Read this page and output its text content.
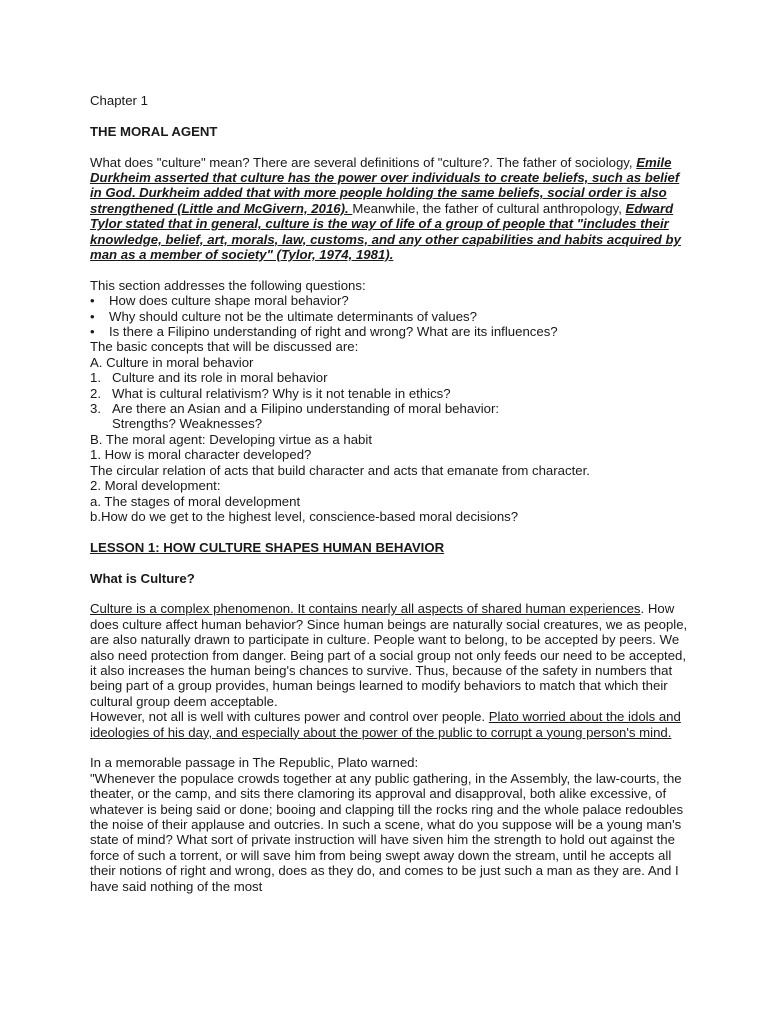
Chapter 1

THE MORAL AGENT

What does "culture" mean? There are several definitions of "culture?. The father of sociology, Emile Durkheim asserted that culture has the power over individuals to create beliefs, such as belief in God. Durkheim added that with more people holding the same beliefs, social order is also strengthened (Little and McGivern, 2016). Meanwhile, the father of cultural anthropology, Edward Tylor stated that in general, culture is the way of life of a group of people that "includes their knowledge, belief, art, morals, law, customs, and any other capabilities and habits acquired by man as a member of society" (Tylor, 1974, 1981).

This section addresses the following questions:

• How does culture shape moral behavior?
• Why should culture not be the ultimate determinants of values?
• Is there a Filipino understanding of right and wrong? What are its influences?

The basic concepts that will be discussed are:

A. Culture in moral behavior

1. Culture and its role in moral behavior
2. What is cultural relativism? Why is it not tenable in ethics?
3. Are there an Asian and a Filipino understanding of moral behavior:
Strengths? Weaknesses?

B. The moral agent: Developing virtue as a habit

1. How is moral character developed?

The circular relation of acts that build character and acts that emanate from character.

2. Moral development:

a. The stages of moral development

b.How do we get to the highest level, conscience-based moral decisions?

LESSON 1: HOW CULTURE SHAPES HUMAN BEHAVIOR

What is Culture?

Culture is a complex phenomenon. It contains nearly all aspects of shared human experiences. How does culture affect human behavior? Since human beings are naturally social creatures, we as people, are also naturally drawn to participate in culture. People want to belong, to be accepted by peers. We also need protection from danger. Being part of a social group not only feeds our need to be accepted, it also increases the human being's chances to survive. Thus, because of the safety in numbers that being part of a group provides, human beings learned to modify behaviors to match that which their cultural group deem acceptable.

However, not all is well with cultures power and control over people. Plato worried about the idols and ideologies of his day, and especially about the power of the public to corrupt a young person's mind.

In a memorable passage in The Republic, Plato warned:

"Whenever the populace crowds together at any public gathering, in the Assembly, the law-courts, the theater, or the camp, and sits there clamoring its approval and disapproval, both alike excessive, of whatever is being said or done; booing and clapping till the rocks ring and the whole palace redoubles the noise of their applause and outcries. In such a scene, what do you suppose will be a young man's state of mind? What sort of private instruction will have siven him the strength to hold out against the force of such a torrent, or will save him from being swept away down the stream, until he accepts all their notions of right and wrong, does as they do, and comes to be just such a man as they are. And I have said nothing of the most
